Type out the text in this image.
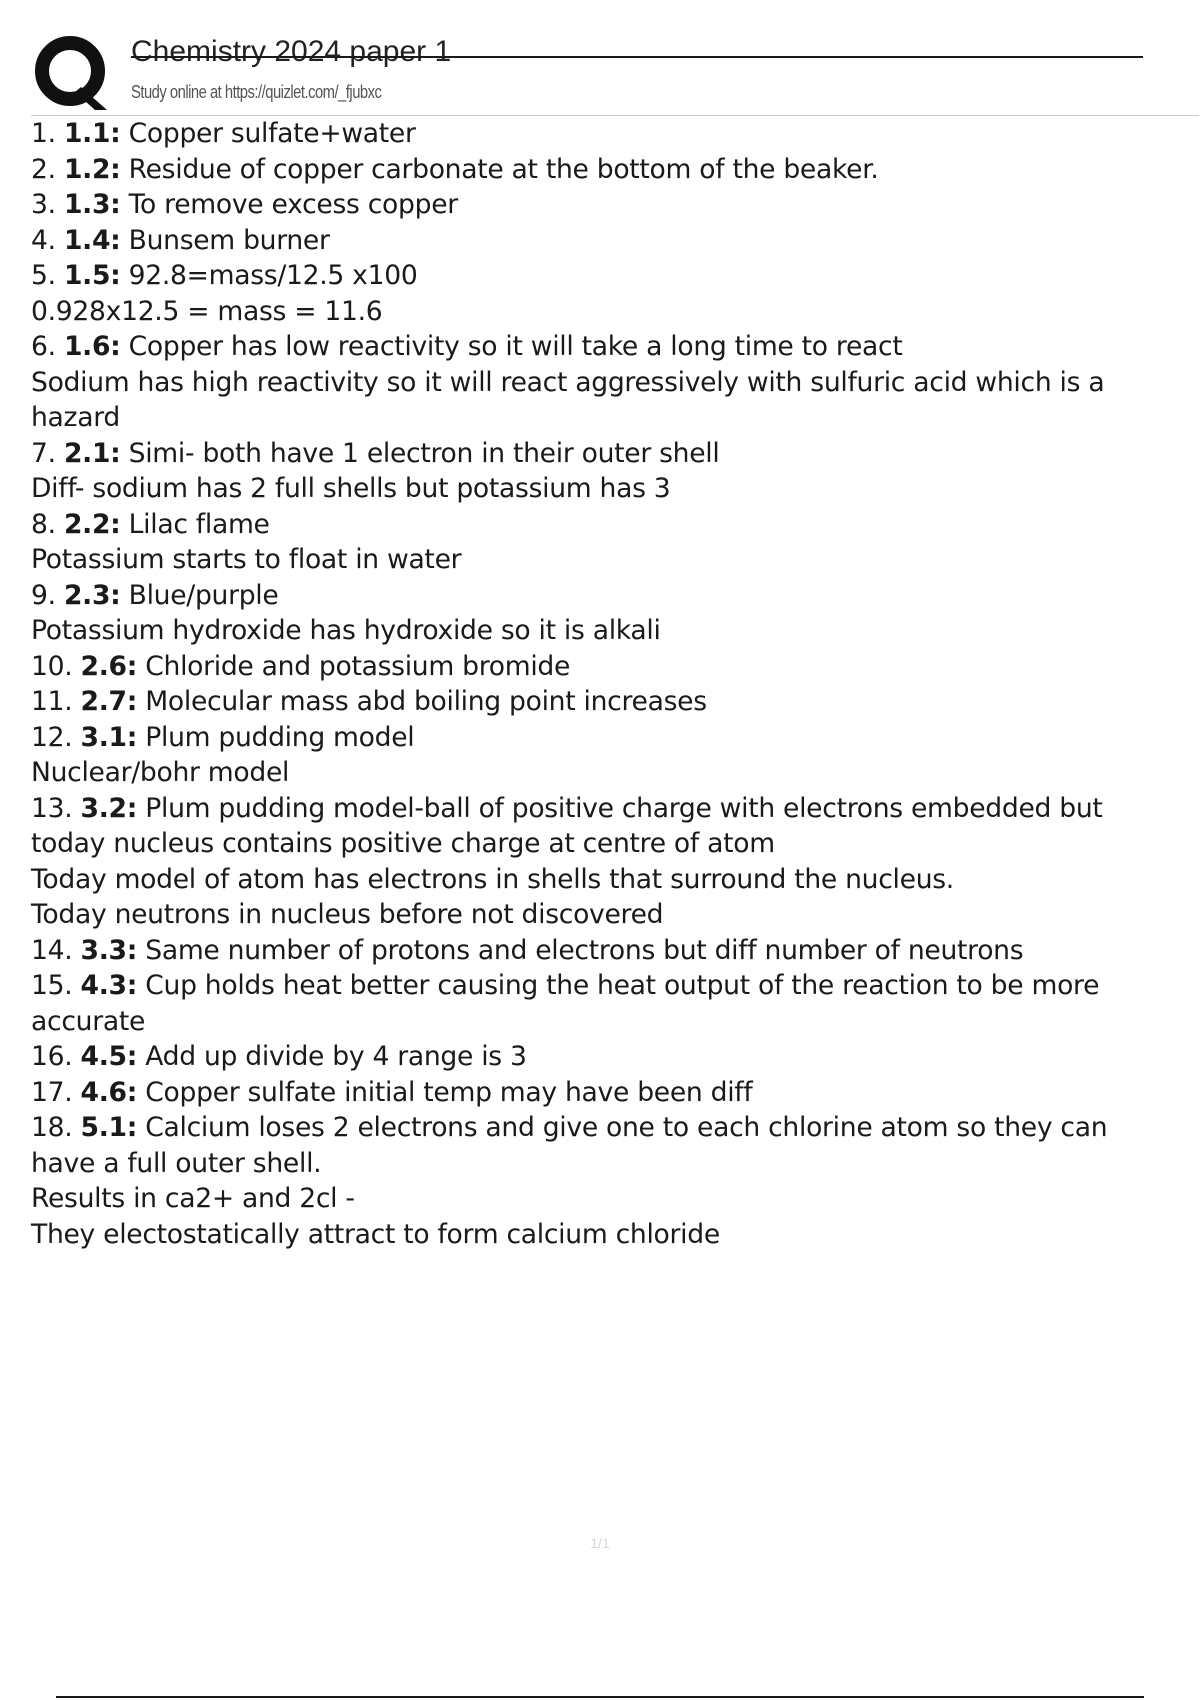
Chemistry 2024 paper 1
Study online at https://quizlet.com/_fjubxc
1. 1.1: Copper sulfate+water
2. 1.2: Residue of copper carbonate at the bottom of the beaker.
3. 1.3: To remove excess copper
4. 1.4: Bunsem burner
5. 1.5: 92.8=mass/12.5 x100
0.928x12.5 = mass = 11.6
6. 1.6: Copper has low reactivity so it will take a long time to react
Sodium has high reactivity so it will react aggressively with sulfuric acid which is a
hazard
7. 2.1: Simi- both have 1 electron in their outer shell
Diff- sodium has 2 full shells but potassium has 3
8. 2.2: Lilac flame
Potassium starts to float in water
9. 2.3: Blue/purple
Potassium hydroxide has hydroxide so it is alkali
10. 2.6: Chloride and potassium bromide
11. 2.7: Molecular mass abd boiling point increases
12. 3.1: Plum pudding model
Nuclear/bohr model
13. 3.2: Plum pudding model-ball of positive charge with electrons embedded but
today nucleus contains positive charge at centre of atom
Today model of atom has electrons in shells that surround the nucleus.
Today neutrons in nucleus before not discovered
14. 3.3: Same number of protons and electrons but diff number of neutrons
15. 4.3: Cup holds heat better causing the heat output of the reaction to be more
accurate
16. 4.5: Add up divide by 4 range is 3
17. 4.6: Copper sulfate initial temp may have been diff
18. 5.1: Calcium loses 2 electrons and give one to each chlorine atom so they can
have a full outer shell.
Results in ca2+ and 2cl -
They electostatically attract to form calcium chloride
1/1
